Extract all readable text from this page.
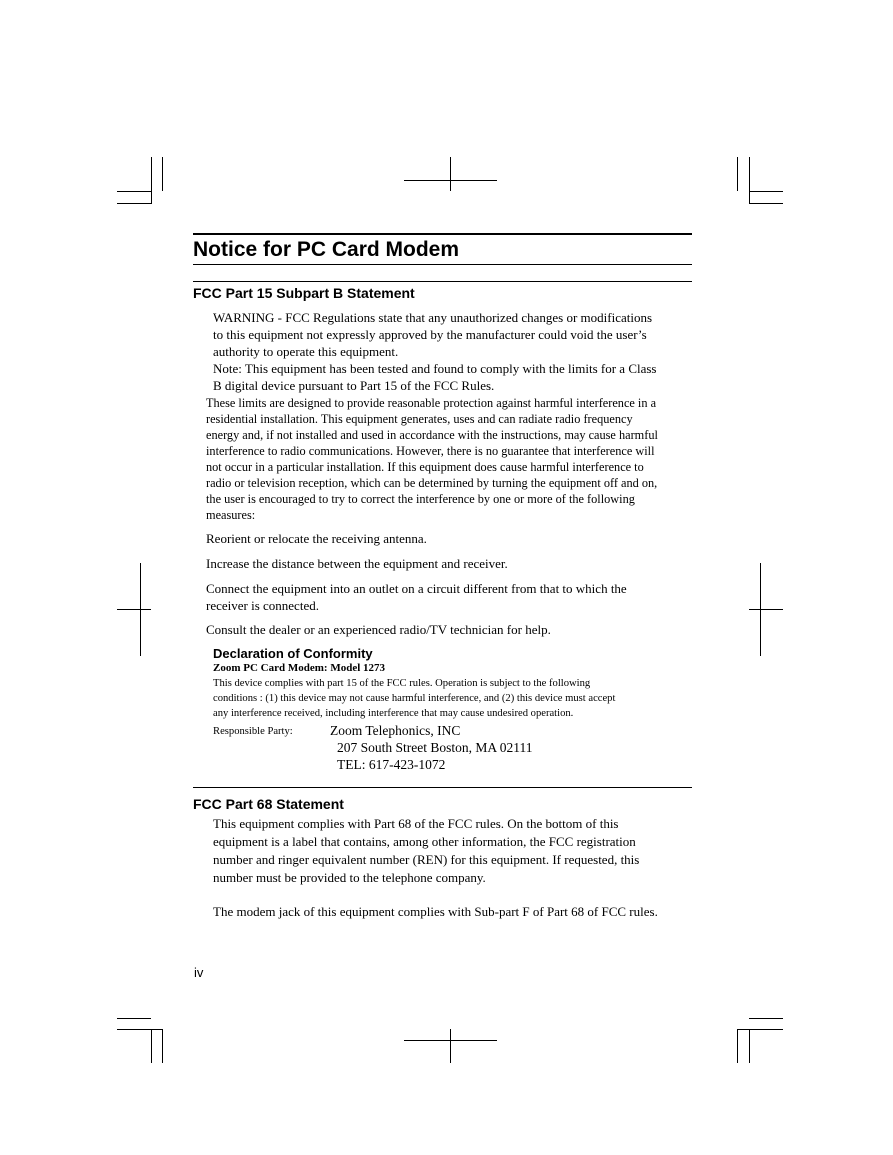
Notice for PC Card Modem
FCC Part 15 Subpart B Statement
WARNING - FCC Regulations state that any unauthorized changes or modifications
to this equipment not expressly approved by the manufacturer could void the user’s
authority to operate this equipment.
Note: This equipment has been tested and found to comply with the limits for a Class
B digital device pursuant to Part 15 of the FCC Rules.
These limits are designed to provide reasonable protection against harmful interference in a
residential installation. This equipment generates, uses and can radiate radio frequency
energy and, if not installed and used in accordance with the instructions, may cause harmful
interference to radio communications. However, there is no guarantee that interference will
not occur in a particular installation. If this equipment does cause harmful interference to
radio or television reception, which can be determined by turning the equipment off and on,
the user is encouraged to try to correct the interference by one or more of the following
measures:
Reorient or relocate the receiving antenna.
Increase the distance between the equipment and receiver.
Connect the equipment into an outlet on a circuit different from that to which the
receiver is connected.
Consult the dealer or an experienced radio/TV technician for help.
Declaration of Conformity
Zoom PC Card Modem: Model 1273
This device complies with part 15 of the FCC rules. Operation is subject to the following
conditions : (1) this device may not cause harmful interference, and (2) this device must accept
any interference received, including interference that may cause undesired operation.
Responsible Party:	Zoom Telephonics, INC
207 South Street Boston, MA 02111
TEL: 617-423-1072
FCC Part 68 Statement
This equipment complies with Part 68 of the FCC rules. On the bottom of this
equipment is a label that contains, among other information, the FCC registration
number and ringer equivalent number (REN) for this equipment. If requested, this
number must be provided to the telephone company.
The modem jack of this equipment complies with Sub-part F of Part 68 of FCC rules.
iv
